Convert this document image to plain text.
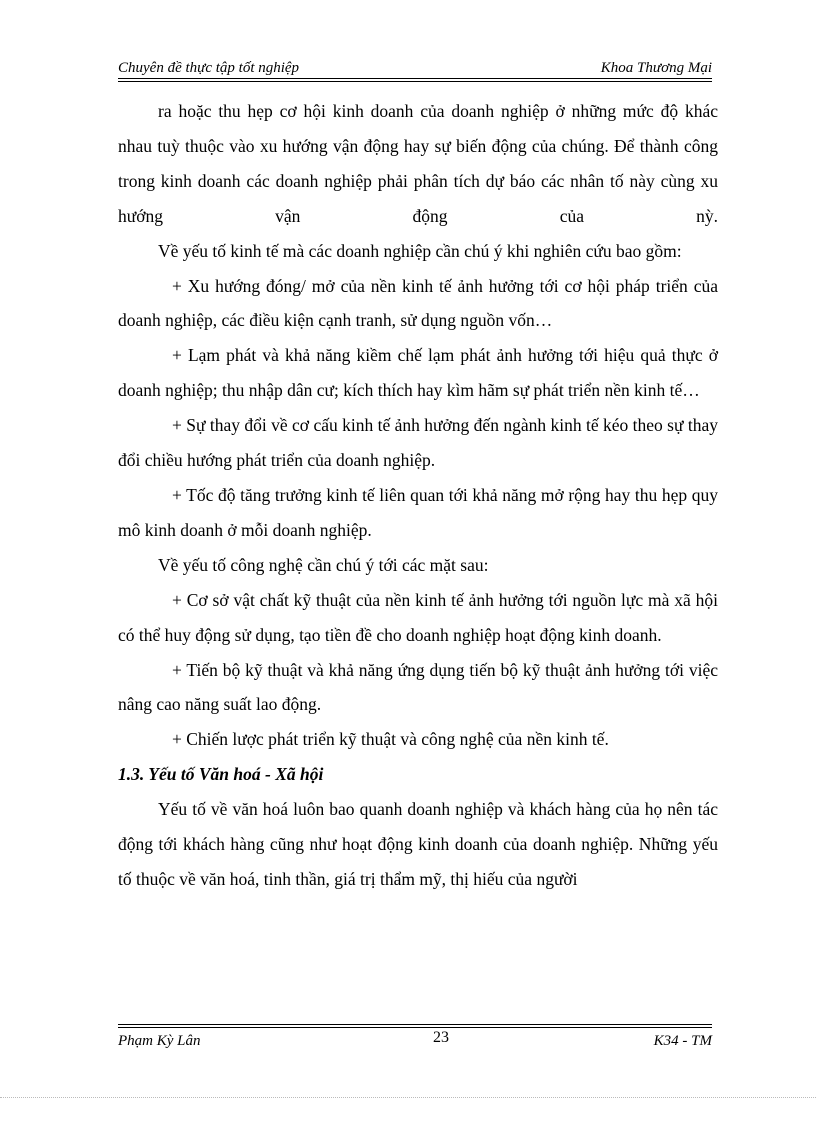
Chuyên đề thực tập tốt nghiệp	Khoa Thương Mại

ra hoặc thu hẹp cơ hội kinh doanh của doanh nghiệp ở những mức độ khác nhau tuỳ thuộc vào xu hướng vận động hay sự biến động của chúng. Để thành công trong kinh doanh các doanh nghiệp phải phân tích dự báo các nhân tố này cùng xu hướng vận động của nỳ.

Về yếu tố kinh tế mà các doanh nghiệp cần chú ý khi nghiên cứu bao gồm:

+ Xu hướng đóng/ mở của nền kinh tế ảnh hưởng tới cơ hội pháp triển của doanh nghiệp, các điều kiện cạnh tranh, sử dụng nguồn vốn…

+ Lạm phát và khả năng kiềm chế lạm phát ảnh hưởng tới hiệu quả thực ở doanh nghiệp; thu nhập dân cư; kích thích hay kìm hãm sự phát triển nền kinh tế…

+ Sự thay đổi về cơ cấu kinh tế ảnh hưởng đến ngành kinh tế kéo theo sự thay đổi chiều hướng phát triển của doanh nghiệp.

+ Tốc độ tăng trưởng kinh tế liên quan tới khả năng mở rộng hay thu hẹp quy mô kinh doanh ở mỗi doanh nghiệp.

Về yếu tố công nghệ cần chú ý tới các mặt sau:

+ Cơ sở vật chất kỹ thuật của nền kinh tế ảnh hưởng tới nguồn lực mà xã hội có thể huy động sử dụng, tạo tiền đề cho doanh nghiệp hoạt động kinh doanh.

+ Tiến bộ kỹ thuật và khả năng ứng dụng tiến bộ kỹ thuật ảnh hưởng tới việc nâng cao năng suất lao động.

+ Chiến lược phát triển kỹ thuật và công nghệ của nền kinh tế.

1.3. Yếu tố Văn hoá - Xã hội

Yếu tố về văn hoá luôn bao quanh doanh nghiệp và khách hàng của họ nên tác động tới khách hàng cũng như hoạt động kinh doanh của doanh nghiệp. Những yếu tố thuộc về văn hoá, tinh thần, giá trị thẩm mỹ, thị hiếu của người

Phạm Kỳ Lân	23	K34 - TM
